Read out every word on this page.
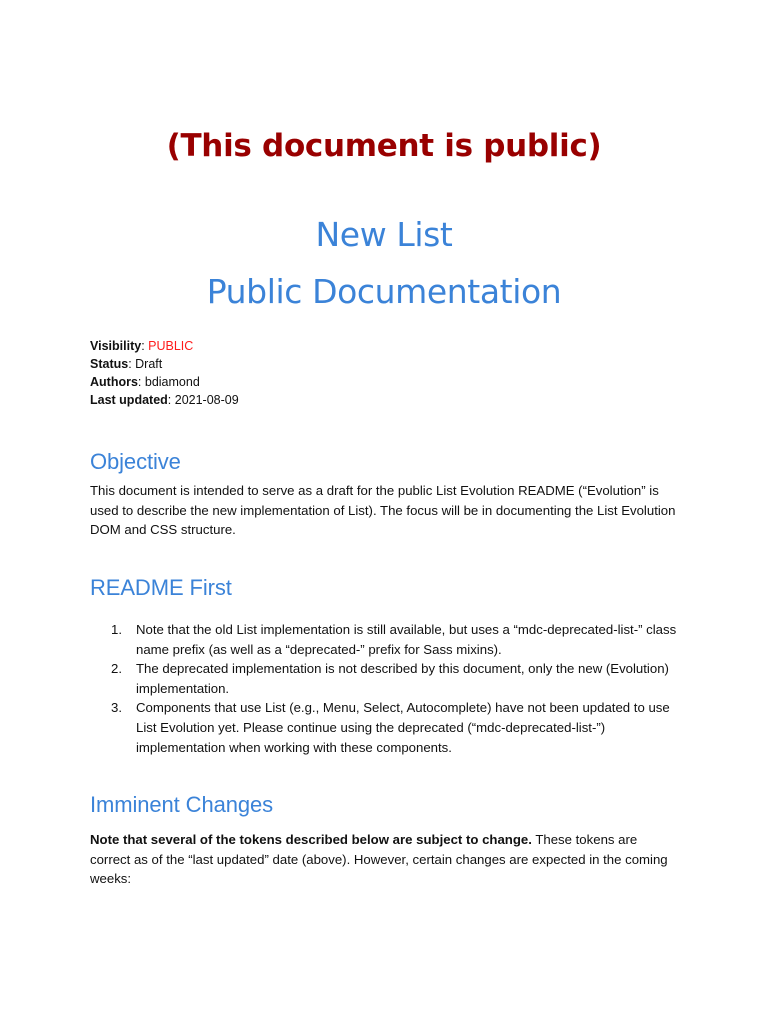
(This document is public)
New List
Public Documentation
Visibility: PUBLIC
Status: Draft
Authors: bdiamond
Last updated: 2021-08-09
Objective
This document is intended to serve as a draft for the public List Evolution README (“Evolution” is used to describe the new implementation of List). The focus will be in documenting the List Evolution DOM and CSS structure.
README First
1. Note that the old List implementation is still available, but uses a “mdc-deprecated-list-” class name prefix (as well as a “deprecated-” prefix for Sass mixins).
2. The deprecated implementation is not described by this document, only the new (Evolution) implementation.
3. Components that use List (e.g., Menu, Select, Autocomplete) have not been updated to use List Evolution yet. Please continue using the deprecated (“mdc-deprecated-list-”) implementation when working with these components.
Imminent Changes
Note that several of the tokens described below are subject to change. These tokens are correct as of the “last updated” date (above). However, certain changes are expected in the coming weeks:
